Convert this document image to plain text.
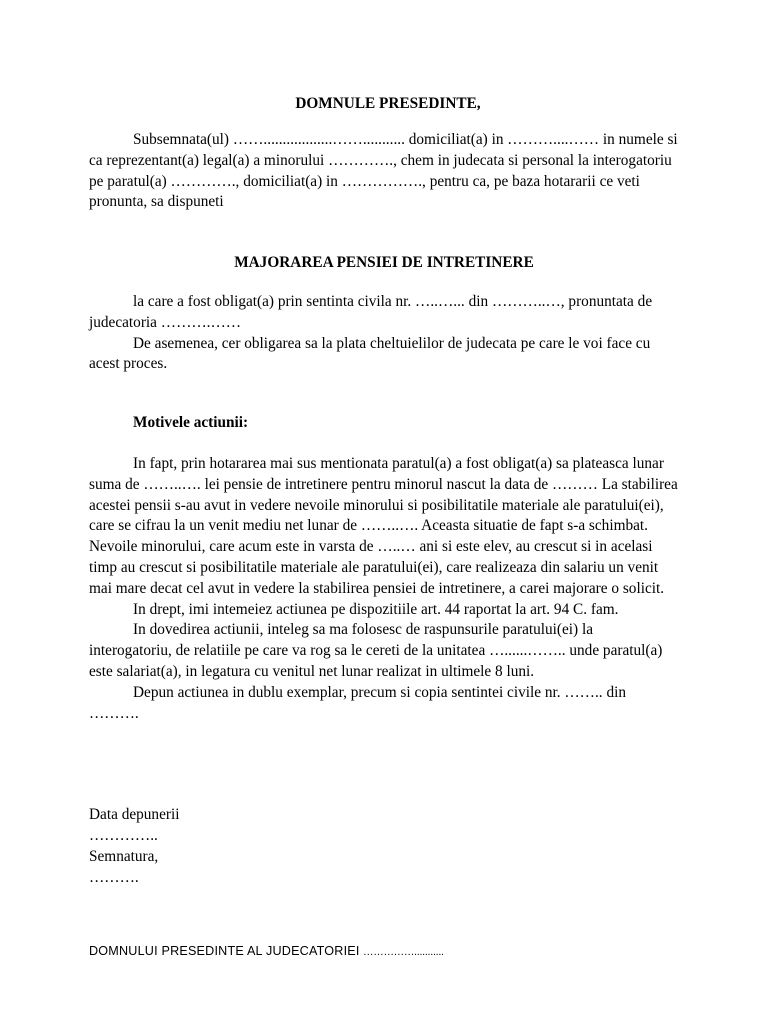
DOMNULE PRESEDINTE,

Subsemnata(ul) ……..................……........... domiciliat(a) in ………....…… in numele si ca reprezentant(a) legal(a) a minorului …………., chem in judecata si personal la interogatoriu pe paratul(a) …………., domiciliat(a) in ……………., pentru ca, pe baza hotararii ce veti pronunta, sa dispuneti

MAJORAREA PENSIEI DE INTRETINERE

la care a fost obligat(a) prin sentinta civila nr. …..…... din ………..…, pronuntata de judecatoria ……….……

De asemenea, cer obligarea sa la plata cheltuielilor de judecata pe care le voi face cu acest proces.

Motivele actiunii:

In fapt, prin hotararea mai sus mentionata paratul(a) a fost obligat(a) sa plateasca lunar suma de ……..…. lei pensie de intretinere pentru minorul nascut la data de ……… La stabilirea acestei pensii s-au avut in vedere nevoile minorului si posibilitatile materiale ale paratului(ei), care se cifrau la un venit mediu net lunar de ……..…. Aceasta situatie de fapt s-a schimbat. Nevoile minorului, care acum este in varsta de …..… ani si este elev, au crescut si in acelasi timp au crescut si posibilitatile materiale ale paratului(ei), care realizeaza din salariu un venit mai mare decat cel avut in vedere la stabilirea pensiei de intretinere, a carei majorare o solicit.

In drept, imi intemeiez actiunea pe dispozitiile art. 44 raportat la art. 94 C. fam.

In dovedirea actiunii, inteleg sa ma folosesc de raspunsurile paratului(ei) la interogatoriu, de relatiile pe care va rog sa le cereti de la unitatea …......…….. unde paratul(a) este salariat(a), in legatura cu venitul net lunar realizat in ultimele 8 luni.

Depun actiunea in dublu exemplar, precum si copia sentintei civile nr. …….. din ……….

Data depunerii
…………..
Semnatura,
……….
DOMNULUI PRESEDINTE AL JUDECATORIEI ……………...........
